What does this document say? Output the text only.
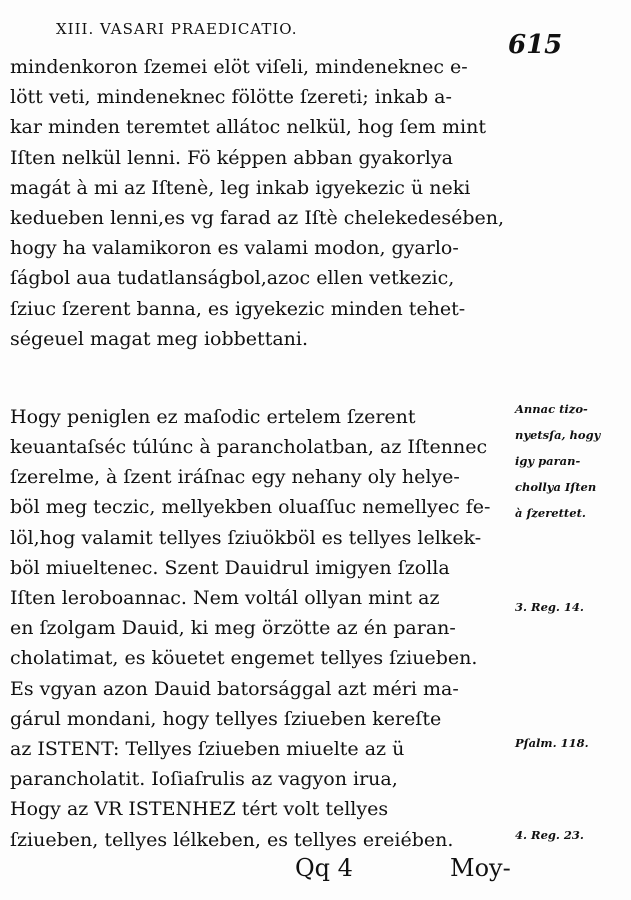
XIII. VASARI PRAEDICATIO.
615
mindenkoron ſzemei elöt viſeli, mindeneknec e-
lött veti, mindeneknec fölötte ſzereti; inkab a-
kar minden teremtet allátoc nelkül, hog ſem mint
Iſten nelkül lenni. Fö képpen abban gyakorlya
magát à mi az Iſtenè, leg inkab igyekezic ü neki
kedueben lenni,es vg farad az Iſtè chelekedesében,
hogy ha valamikoron es valami modon, gyarlo-
ſágbol aua tudatlanságbol,azoc ellen vetkezic,
ſziuc ſzerent banna, es igyekezic minden tehet-
ségeuel magat meg iobbettani.
Hogy peniglen ez maſodic ertelem ſzerent
keuantaſséc túlúnc à parancholatban, az Iſtennec
ſzerelme, à ſzent iráſnac egy nehany oly helye-
böl meg teczic, mellyekben oluaſſuc nemellyec fe-
löl,hog valamit tellyes ſziuökböl es tellyes lelkek-
böl miueltenec. Szent Dauidrul imigyen ſzolla
Iſten leroboannac. Nem voltál ollyan mint az
en ſzolgam Dauid, ki meg örzötte az én paran-
cholatimat, es köuetet engemet tellyes ſziueben.
Es vgyan azon Dauid batorsággal azt méri ma-
gárul mondani, hogy tellyes ſziueben kereſte
az ISTENT: Tellyes ſziueben miuelte az ü
parancholatit. Ioſiaſrulis az vagyon irua,
Hogy az VR ISTENHEZ tért volt tellyes
ſziueben, tellyes lélkeben, es tellyes ereiében.
Annac tizo-
nyetsſa, hogy
igy paran-
chollya Iſten
à ſzerettet.
3. Reg. 14.
Pſalm. 118.
4. Reg. 23.
Qq 4	Moy-
